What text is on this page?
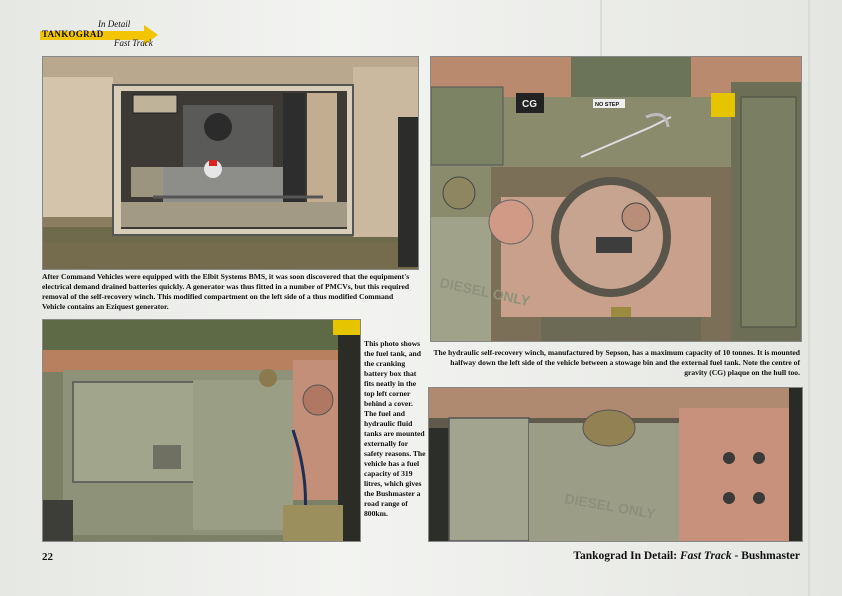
TANKOGRAD
In Detail
Fast Track

After Command Vehicles were equipped with the Elbit Systems BMS, it was soon discovered that the equipment's electrical demand drained batteries quickly. A generator was thus fitted in a number of PMCVs, but this required removal of the self-recovery winch. This modified compartment on the left side of a thus modified Command Vehicle contains an Eziquest generator.

This photo shows the fuel tank, and the cranking battery box that fits neatly in the top left corner behind a cover. The fuel and hydraulic fluid tanks are mounted externally for safety reasons. The vehicle has a fuel capacity of 319 litres, which gives the Bushmaster a road range of 800km.

CG	NO STEP
DIESEL ONLY

The hydraulic self-recovery winch, manufactured by Sepson, has a maximum capacity of 10 tonnes. It is mounted halfway down the left side of the vehicle between a stowage bin and the external fuel tank. Note the centre of gravity (CG) plaque on the hull too.

DIESEL ONLY
22	Tankograd In Detail: Fast Track - Bushmaster
